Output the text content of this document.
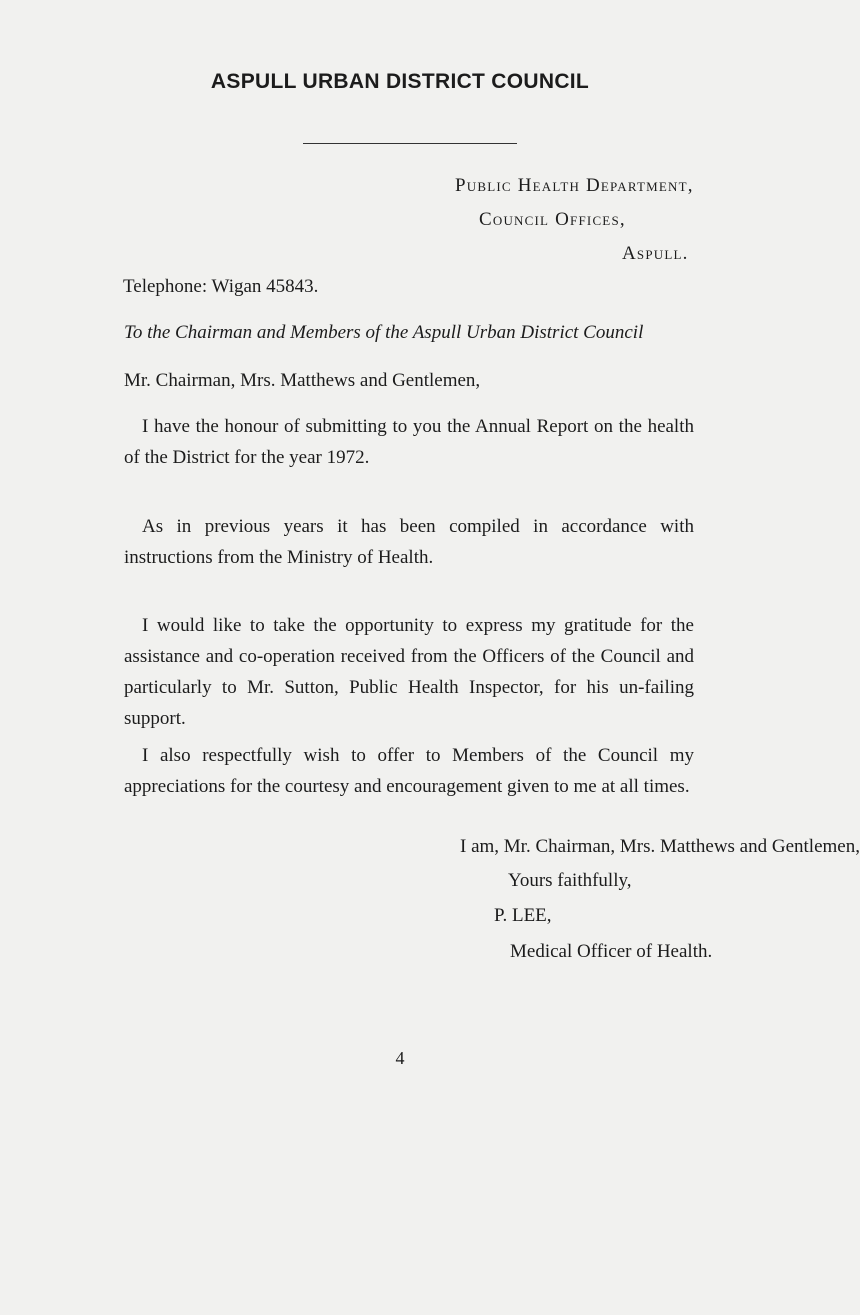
ASPULL URBAN DISTRICT COUNCIL
Public Health Department,
Council Offices,
Aspull.
Telephone: Wigan 45843.
To the Chairman and Members of the Aspull Urban District Council
Mr. Chairman, Mrs. Matthews and Gentlemen,

I have the honour of submitting to you the Annual Report on the health of the District for the year 1972.

As in previous years it has been compiled in accordance with instructions from the Ministry of Health.

I would like to take the opportunity to express my gratitude for the assistance and co-operation received from the Officers of the Council and particularly to Mr. Sutton, Public Health Inspector, for his un-failing support.

I also respectfully wish to offer to Members of the Council my appreciations for the courtesy and encouragement given to me at all times.

I am, Mr. Chairman, Mrs. Matthews and Gentlemen,
Yours faithfully,
P. LEE,
Medical Officer of Health.
4
